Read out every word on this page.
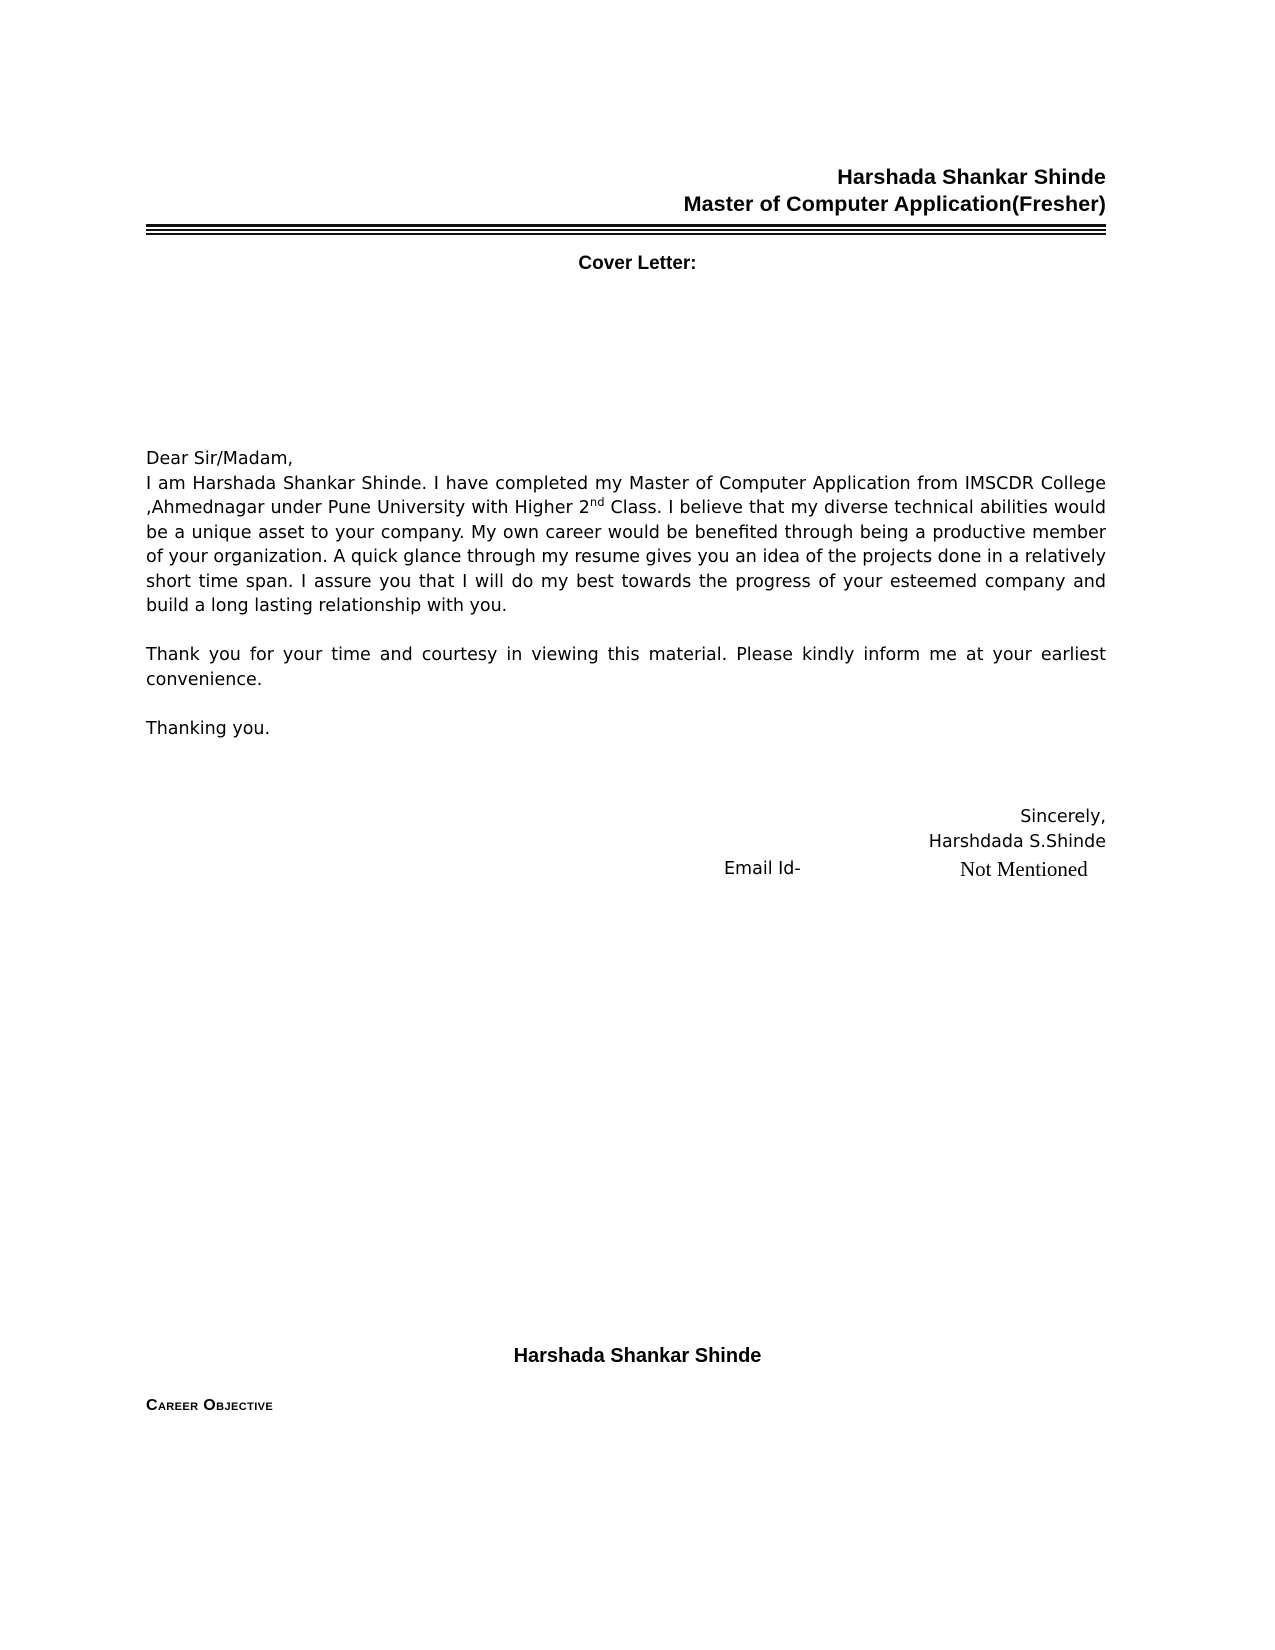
Harshada Shankar Shinde
Master of Computer Application(Fresher)
Cover Letter:
Dear Sir/Madam,

I am Harshada Shankar Shinde. I have completed my Master of Computer Application from IMSCDR College ,Ahmednagar under Pune University with Higher 2nd Class. I believe that my diverse technical abilities would be a unique asset to your company. My own career would be benefited through being a productive member of your organization. A quick glance through my resume gives you an idea of the projects done in a relatively short time span. I assure you that I will do my best towards the progress of your esteemed company and build a long lasting relationship with you.

Thank you for your time and courtesy in viewing this material. Please kindly inform me at your earliest convenience.

Thanking you.

Sincerely,
Harshdada S.Shinde
Email Id-	Not Mentioned
Harshada Shankar Shinde
Career Objective
